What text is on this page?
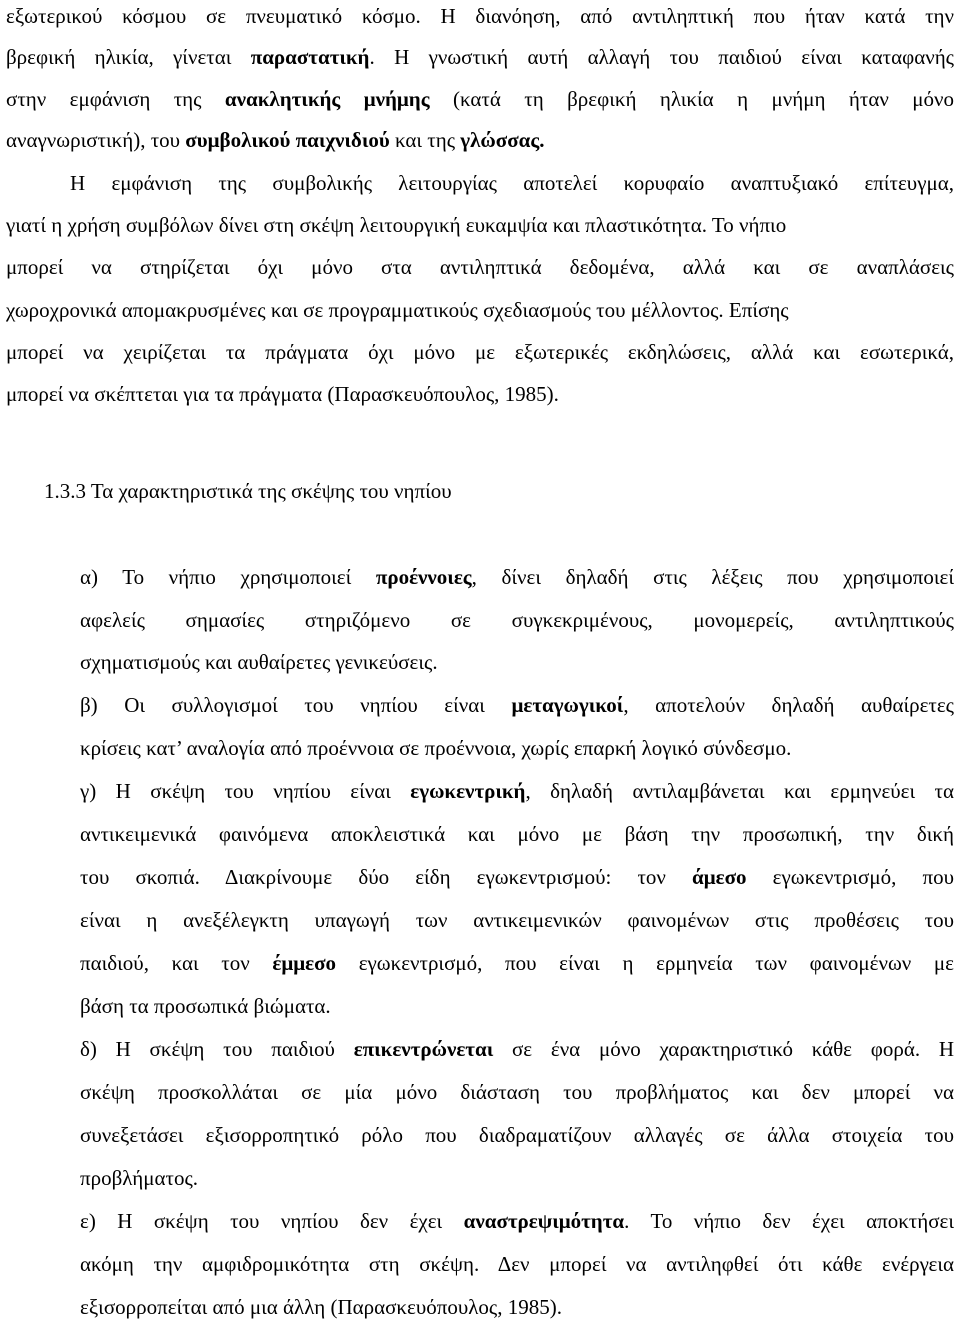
εξωτερικού κόσμου σε πνευματικό κόσμο. Η διανόηση, από αντιληπτική που ήταν κατά την
βρεφική ηλικία, γίνεται παραστατική. Η γνωστική αυτή αλλαγή του παιδιού είναι καταφανής
στην εμφάνιση της ανακλητικής μνήμης (κατά τη βρεφική ηλικία η μνήμη ήταν μόνο
αναγνωριστική), του συμβολικού παιχνιδιού και της γλώσσας.
Η εμφάνιση της συμβολικής λειτουργίας αποτελεί κορυφαίο αναπτυξιακό επίτευγμα,
γιατί η χρήση συμβόλων δίνει στη σκέψη λειτουργική ευκαμψία και πλαστικότητα. Το νήπιο
μπορεί να στηρίζεται όχι μόνο στα αντιληπτικά δεδομένα, αλλά και σε αναπλάσεις
χωροχρονικά απομακρυσμένες και σε προγραμματικούς σχεδιασμούς του μέλλοντος. Επίσης
μπορεί να χειρίζεται τα πράγματα όχι μόνο με εξωτερικές εκδηλώσεις, αλλά και εσωτερικά,
μπορεί να σκέπτεται για τα πράγματα (Παρασκευόπουλος, 1985).
1.3.3 Τα χαρακτηριστικά της σκέψης του νηπίου
α) Το νήπιο χρησιμοποιεί προέννοιες, δίνει δηλαδή στις λέξεις που χρησιμοποιεί
αφελείς σημασίες στηριζόμενο σε συγκεκριμένους, μονομερείς, αντιληπτικούς
σχηματισμούς και αυθαίρετες γενικεύσεις.
β) Οι συλλογισμοί του νηπίου είναι μεταγωγικοί, αποτελούν δηλαδή αυθαίρετες
κρίσεις κατ’ αναλογία από προέννοια σε προέννοια, χωρίς επαρκή λογικό σύνδεσμο.
γ) Η σκέψη του νηπίου είναι εγωκεντρική, δηλαδή αντιλαμβάνεται και ερμηνεύει τα
αντικειμενικά φαινόμενα αποκλειστικά και μόνο με βάση την προσωπική, την δική
του σκοπιά. Διακρίνουμε δύο είδη εγωκεντρισμού: τον άμεσο εγωκεντρισμό, που
είναι η ανεξέλεγκτη υπαγωγή των αντικειμενικών φαινομένων στις προθέσεις του
παιδιού, και τον έμμεσο εγωκεντρισμό, που είναι η ερμηνεία των φαινομένων με
βάση τα προσωπικά βιώματα.
δ) Η σκέψη του παιδιού επικεντρώνεται σε ένα μόνο χαρακτηριστικό κάθε φορά. Η
σκέψη προσκολλάται σε μία μόνο διάσταση του προβλήματος και δεν μπορεί να
συνεξετάσει εξισορροπητικό ρόλο που διαδραματίζουν αλλαγές σε άλλα στοιχεία του
προβλήματος.
ε) Η σκέψη του νηπίου δεν έχει αναστρεψιμότητα. Το νήπιο δεν έχει αποκτήσει
ακόμη την αμφιδρομικότητα στη σκέψη. Δεν μπορεί να αντιληφθεί ότι κάθε ενέργεια
εξισορροπείται από μια άλλη (Παρασκευόπουλος, 1985).
